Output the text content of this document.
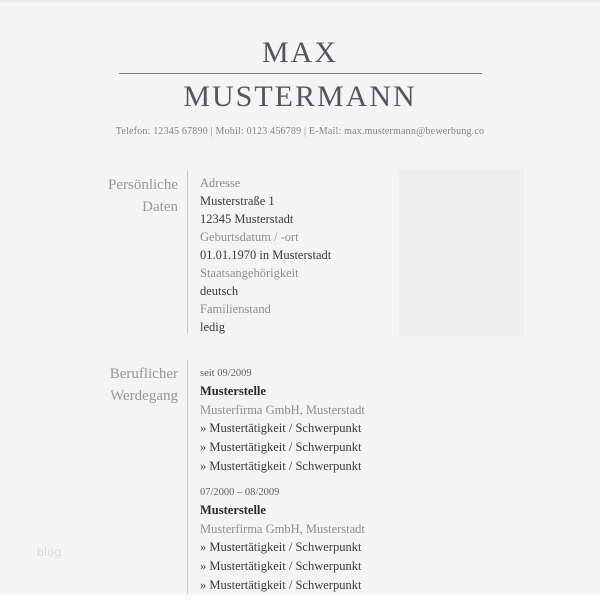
MAX
MUSTERMANN
Telefon: 12345 67890 | Mobil: 0123 456789 | E-Mail: max.mustermann@bewerbung.co
Persönliche
Daten
Adresse
Musterstraße 1
12345 Musterstadt
Geburtsdatum / -ort
01.01.1970 in Musterstadt
Staatsangehörigkeit
deutsch
Familienstand
ledig
Beruflicher
Werdegang
seit 09/2009
Musterstelle
Musterfirma GmbH, Musterstadt
» Mustertätigkeit / Schwerpunkt
» Mustertätigkeit / Schwerpunkt
» Mustertätigkeit / Schwerpunkt
07/2000 – 08/2009
Musterstelle
Musterfirma GmbH, Musterstadt
» Mustertätigkeit / Schwerpunkt
» Mustertätigkeit / Schwerpunkt
» Mustertätigkeit / Schwerpunkt
blog
